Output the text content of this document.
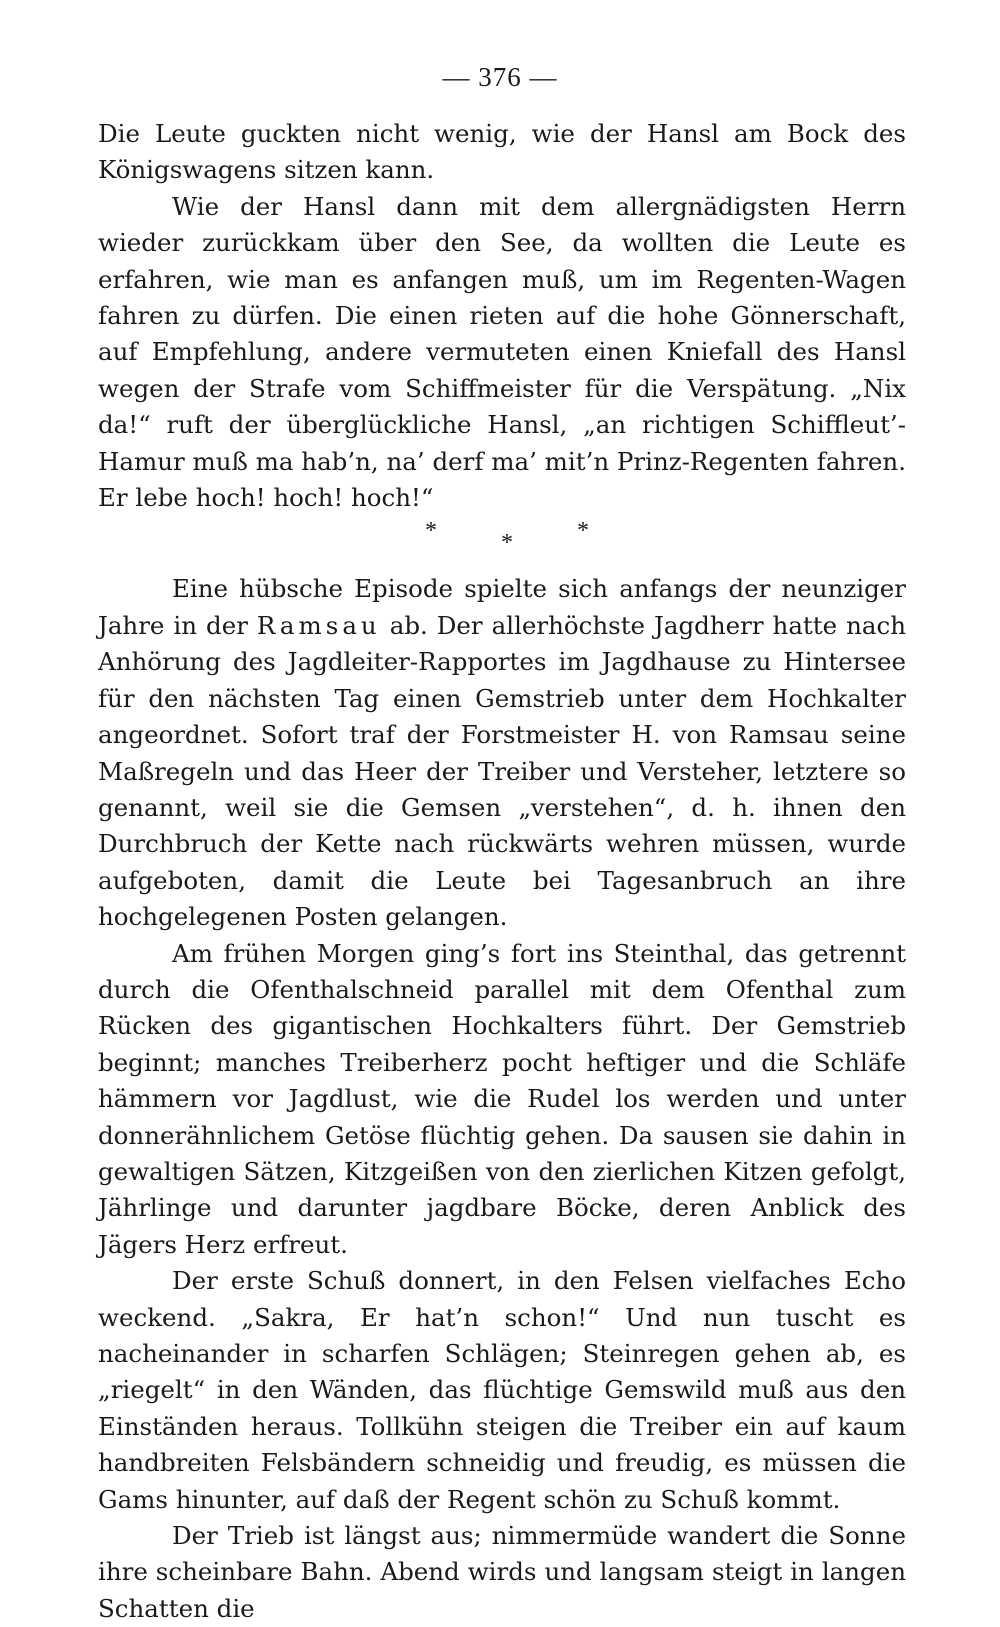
— 376 —

Die Leute guckten nicht wenig, wie der Hansl am Bock des Königswagens sitzen kann.

Wie der Hansl dann mit dem allergnädigsten Herrn wieder zurückkam über den See, da wollten die Leute es erfahren, wie man es anfangen muß, um im Regenten-Wagen fahren zu dürfen. Die einen rieten auf die hohe Gönnerschaft, auf Empfehlung, andere vermuteten einen Kniefall des Hansl wegen der Strafe vom Schiffmeister für die Verspätung. „Nix da!“ ruft der überglückliche Hansl, „an richtigen Schiffleut’-Hamur muß ma hab’n, na’ derf ma’ mit’n Prinz-Regenten fahren. Er lebe hoch! hoch! hoch!“

*	*	*

Eine hübsche Episode spielte sich anfangs der neunziger Jahre in der Ramsau ab. Der allerhöchste Jagdherr hatte nach Anhörung des Jagdleiter-Rapportes im Jagdhause zu Hintersee für den nächsten Tag einen Gemstrieb unter dem Hochkalter angeordnet. Sofort traf der Forstmeister H. von Ramsau seine Maßregeln und das Heer der Treiber und Versteher, letztere so genannt, weil sie die Gemsen „verstehen“, d. h. ihnen den Durchbruch der Kette nach rückwärts wehren müssen, wurde aufgeboten, damit die Leute bei Tagesanbruch an ihre hochgelegenen Posten gelangen.

Am frühen Morgen ging’s fort ins Steinthal, das getrennt durch die Ofenthalschneid parallel mit dem Ofenthal zum Rücken des gigantischen Hochkalters führt. Der Gemstrieb beginnt; manches Treiberherz pocht heftiger und die Schläfe hämmern vor Jagdlust, wie die Rudel los werden und unter donnerähnlichem Getöse flüchtig gehen. Da sausen sie dahin in gewaltigen Sätzen, Kitzgeißen von den zierlichen Kitzen gefolgt, Jährlinge und darunter jagdbare Böcke, deren Anblick des Jägers Herz erfreut.

Der erste Schuß donnert, in den Felsen vielfaches Echo weckend. „Sakra, Er hat’n schon!“ Und nun tuscht es nacheinander in scharfen Schlägen; Steinregen gehen ab, es „riegelt“ in den Wänden, das flüchtige Gemswild muß aus den Einständen heraus. Tollkühn steigen die Treiber ein auf kaum handbreiten Felsbändern schneidig und freudig, es müssen die Gams hinunter, auf daß der Regent schön zu Schuß kommt.

Der Trieb ist längst aus; nimmermüde wandert die Sonne ihre scheinbare Bahn. Abend wirds und langsam steigt in langen Schatten die
